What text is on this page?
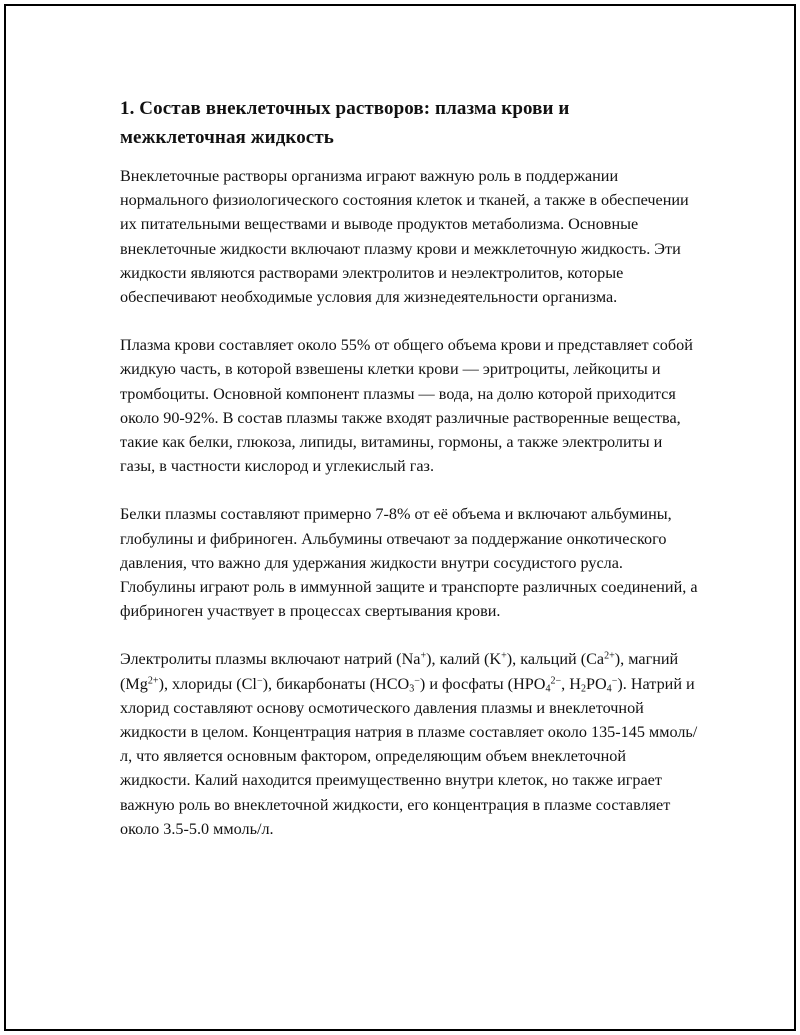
1. Состав внеклеточных растворов: плазма крови и межклеточная жидкость

Внеклеточные растворы организма играют важную роль в поддержании нормального физиологического состояния клеток и тканей, а также в обеспечении их питательными веществами и выводе продуктов метаболизма. Основные внеклеточные жидкости включают плазму крови и межклеточную жидкость. Эти жидкости являются растворами электролитов и неэлектролитов, которые обеспечивают необходимые условия для жизнедеятельности организма.

Плазма крови составляет около 55% от общего объема крови и представляет собой жидкую часть, в которой взвешены клетки крови — эритроциты, лейкоциты и тромбоциты. Основной компонент плазмы — вода, на долю которой приходится около 90-92%. В состав плазмы также входят различные растворенные вещества, такие как белки, глюкоза, липиды, витамины, гормоны, а также электролиты и газы, в частности кислород и углекислый газ.

Белки плазмы составляют примерно 7-8% от её объема и включают альбумины, глобулины и фибриноген. Альбумины отвечают за поддержание онкотического давления, что важно для удержания жидкости внутри сосудистого русла. Глобулины играют роль в иммунной защите и транспорте различных соединений, а фибриноген участвует в процессах свертывания крови.

Электролиты плазмы включают натрий (Na+), калий (K+), кальций $(Ca^{2+})$, магний $(Mg^{2+})$, хлориды (Cl−), бикарбонаты $(HCO_3^-)$ и фосфаты ($HPO_4^{2-}$, $H_2PO_4^-$). Натрий и хлорид составляют основу осмотического давления плазмы и внеклеточной жидкости в целом. Концентрация натрия в плазме составляет около 135-145 ммоль/л, что является основным фактором, определяющим объем внеклеточной жидкости. Калий находится преимущественно внутри клеток, но также играет важную роль во внеклеточной жидкости, его концентрация в плазме составляет около 3.5-5.0 ммоль/л.
